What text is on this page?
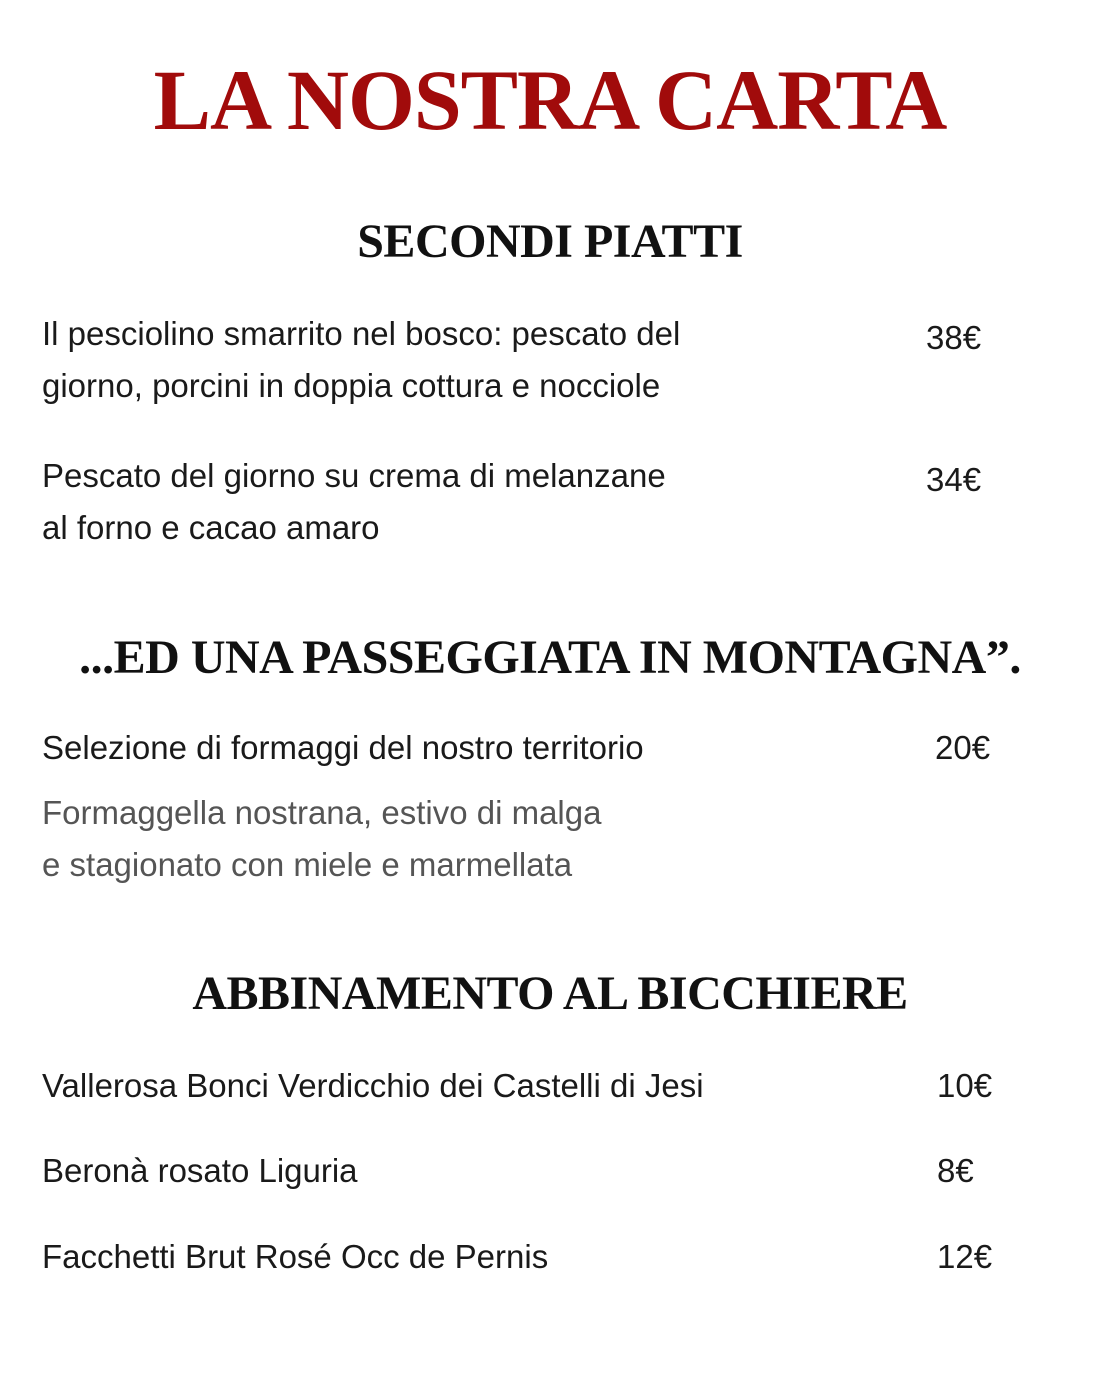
LA NOSTRA CARTA
SECONDI PIATTI
Il pesciolino smarrito nel bosco: pescato del
giorno, porcini in doppia cottura e nocciole
38€
Pescato del giorno su crema di melanzane
al forno e cacao amaro
34€
...ED UNA PASSEGGIATA IN MONTAGNA”.
Selezione di formaggi del nostro territorio	20€
Formaggella nostrana, estivo di malga
e stagionato con miele e marmellata
ABBINAMENTO AL BICCHIERE
Vallerosa Bonci Verdicchio dei Castelli di Jesi	10€
Beronà rosato Liguria	8€
Facchetti Brut Rosé Occ de Pernis	12€
